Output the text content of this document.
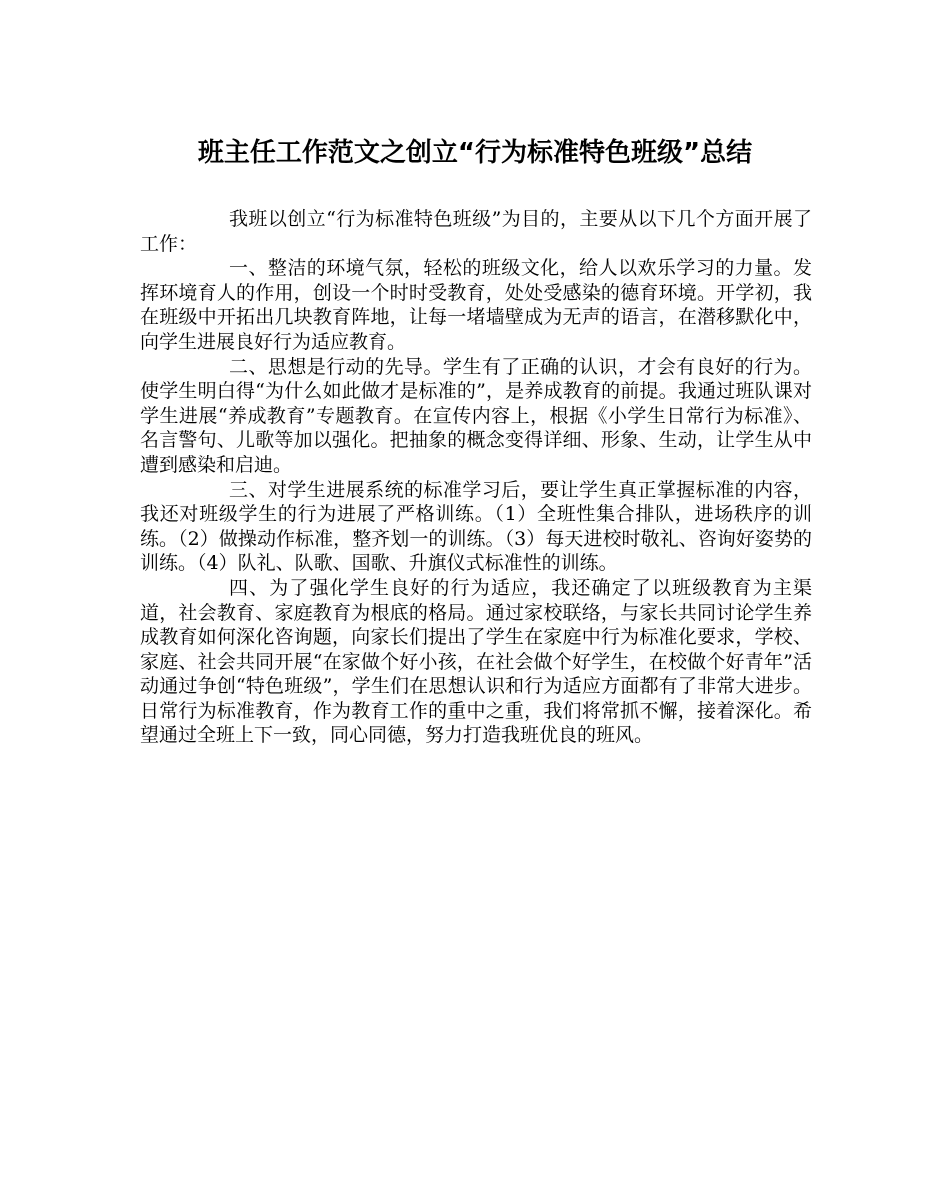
班主任工作范文之创立“行为标准特色班级”总结

我班以创立“行为标准特色班级”为目的，主要从以下几个方面开展了工作：

一、整洁的环境气氛，轻松的班级文化，给人以欢乐学习的力量。发挥环境育人的作用，创设一个时时受教育，处处受感染的德育环境。开学初，我在班级中开拓出几块教育阵地，让每一堵墙壁成为无声的语言，在潜移默化中，向学生进展良好行为适应教育。

二、思想是行动的先导。学生有了正确的认识，才会有良好的行为。使学生明白得“为什么如此做才是标准的”，是养成教育的前提。我通过班队课对学生进展“养成教育”专题教育。在宣传内容上，根据《小学生日常行为标准》、名言警句、儿歌等加以强化。把抽象的概念变得详细、形象、生动，让学生从中遭到感染和启迪。

三、对学生进展系统的标准学习后，要让学生真正掌握标准的内容，我还对班级学生的行为进展了严格训练。（1）全班性集合排队，进场秩序的训练。（2）做操动作标准，整齐划一的训练。（3）每天进校时敬礼、咨询好姿势的训练。（4）队礼、队歌、国歌、升旗仪式标准性的训练。

四、为了强化学生良好的行为适应，我还确定了以班级教育为主渠道，社会教育、家庭教育为根底的格局。通过家校联络，与家长共同讨论学生养成教育如何深化咨询题，向家长们提出了学生在家庭中行为标准化要求，学校、家庭、社会共同开展“在家做个好小孩，在社会做个好学生，在校做个好青年”活动通过争创“特色班级”，学生们在思想认识和行为适应方面都有了非常大进步。日常行为标准教育，作为教育工作的重中之重，我们将常抓不懈，接着深化。希望通过全班上下一致，同心同德，努力打造我班优良的班风。
